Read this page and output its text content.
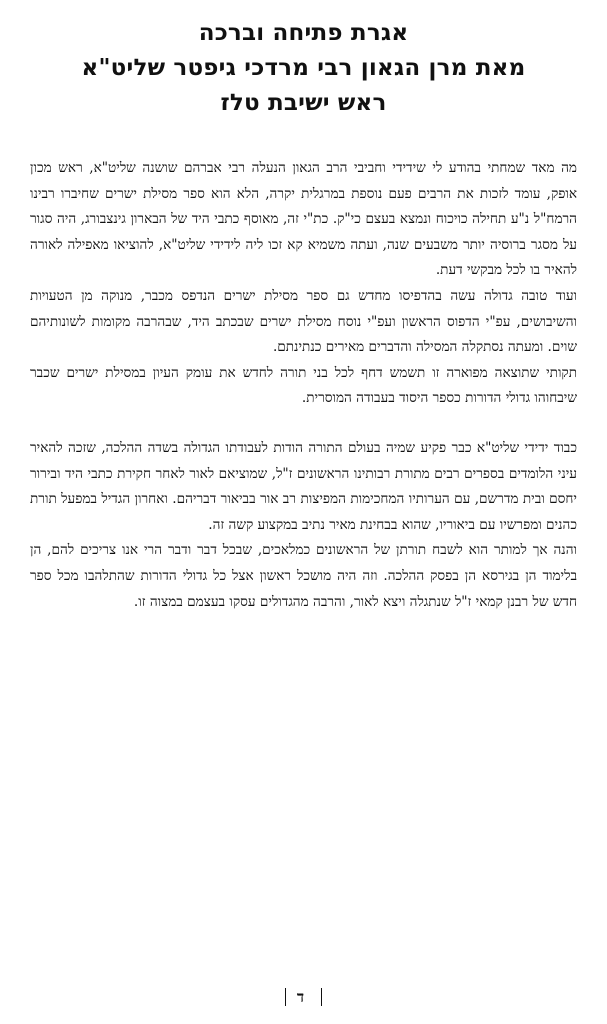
אגרת פתיחה וברכה
מאת מרן הגאון רבי מרדכי גיפטר שליט"א
ראש ישיבת טלז

מה מאד שמחתי בהודע לי שידידי וחביבי הרב הגאון הנעלה רבי אברהם שושנה שליט"א, ראש מכון אופק, עומד לזכות את הרבים פעם נוספת במרגלית יקרה, הלא הוא ספר מסילת ישרים שחיברו רבינו הרמח"ל נ"ע תחילה כויכוח ונמצא בעצם כי"ק. כת"י זה, מאוסף כתבי היד של הבארון גינצבורג, היה סגור על מסגר ברוסיה יותר משבעים שנה, ועתה משמיא קא זכו ליה לידידי שליט"א, להוציאו מאפילה לאורה להאיר בו לכל מבקשי דעת.

ועוד טובה גדולה עשה בהדפיסו מחדש גם ספר מסילת ישרים הנדפס מכבר, מנוקה מן הטעויות והשיבושים, עפ"י הדפוס הראשון ועפ"י נוסח מסילת ישרים שבכתב היד, שבהרבה מקומות לשונותיהם שוים. ומעתה נסתקלה המסילה והדברים מאירים כנתינתם.

תקותי שתוצאה מפוארה זו תשמש דחף לכל בני תורה לחדש את עומק העיון במסילת ישרים שכבר שיבחוהו גדולי הדורות כספר היסוד בעבודה המוסרית.

כבוד ידידי שליט"א כבר פקיע שמיה בעולם התורה הודות לעבודתו הגדולה בשדה ההלכה, שזכה להאיר עיני הלומדים בספרים רבים מתורת רבותינו הראשונים ז"ל, שמוציאם לאור לאחר חקירת כתבי היד ובירור יחסם ובית מדרשם, עם הערותיו המחכימות המפיצות רב אור בביאור דבריהם. ואחרון הגדיל במפעל תורת כהנים ומפרשיו עם ביאוריו, שהוא בבחינת מאיר נתיב במקצוע קשה זה.

והנה אך למותר הוא לשבח תורתן של הראשונים כמלאכים, שבכל דבר ודבר הרי אנו צריכים להם, הן בלימוד הן בגירסא הן בפסק ההלכה. וזה היה מושכל ראשון אצל כל גדולי הדורות שהתלהבו מכל ספר חדש של רבנן קמאי ז"ל שנתגלה ויצא לאור, והרבה מהגדולים עסקו בעצמם במצוה זו.

ד
